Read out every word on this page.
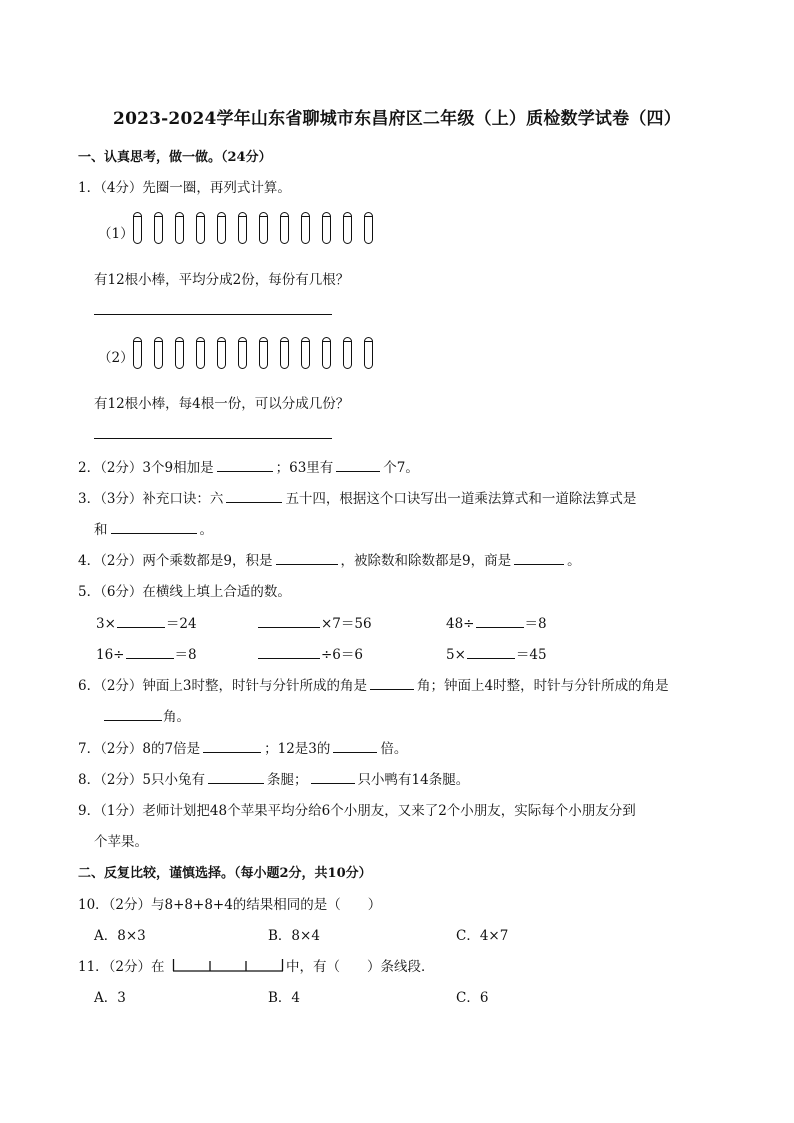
2023-2024学年山东省聊城市东昌府区二年级（上）质检数学试卷（四）
一、认真思考，做一做。（24分）
1．（4分）先圈一圈，再列式计算。
（1）
有12根小棒，平均分成2份，每份有几根？
（2）
有12根小棒，每4根一份，可以分成几份？
2．（2分）3个9相加是	；63里有	个7。
3．（3分）补充口诀：六	五十四，根据这个口诀写出一道乘法算式和一道除法算式是
和	。
4．（2分）两个乘数都是9，积是	，被除数和除数都是9，商是	。
5．（6分）在横线上填上合适的数。
3×	＝24	×7＝56	48÷	＝8
16÷	＝8	÷6＝6	5×	＝45
6．（2分）钟面上3时整，时针与分针所成的角是	角；钟面上4时整，时针与分针所成的角是
角。
7．（2分）8的7倍是	；12是3的	倍。
8．（2分）5只小兔有	条腿；	只小鸭有14条腿。
9．（1分）老师计划把48个苹果平均分给6个小朋友，又来了2个小朋友，实际每个小朋友分到
个苹果。
二、反复比较，谨慎选择。（每小题2分，共10分）
10．（2分）与8+8+8+4的结果相同的是（　　）
A．8×3	B．8×4	C．4×7
11．（2分）在	中，有（　　）条线段．
A．3	B．4	C．6
